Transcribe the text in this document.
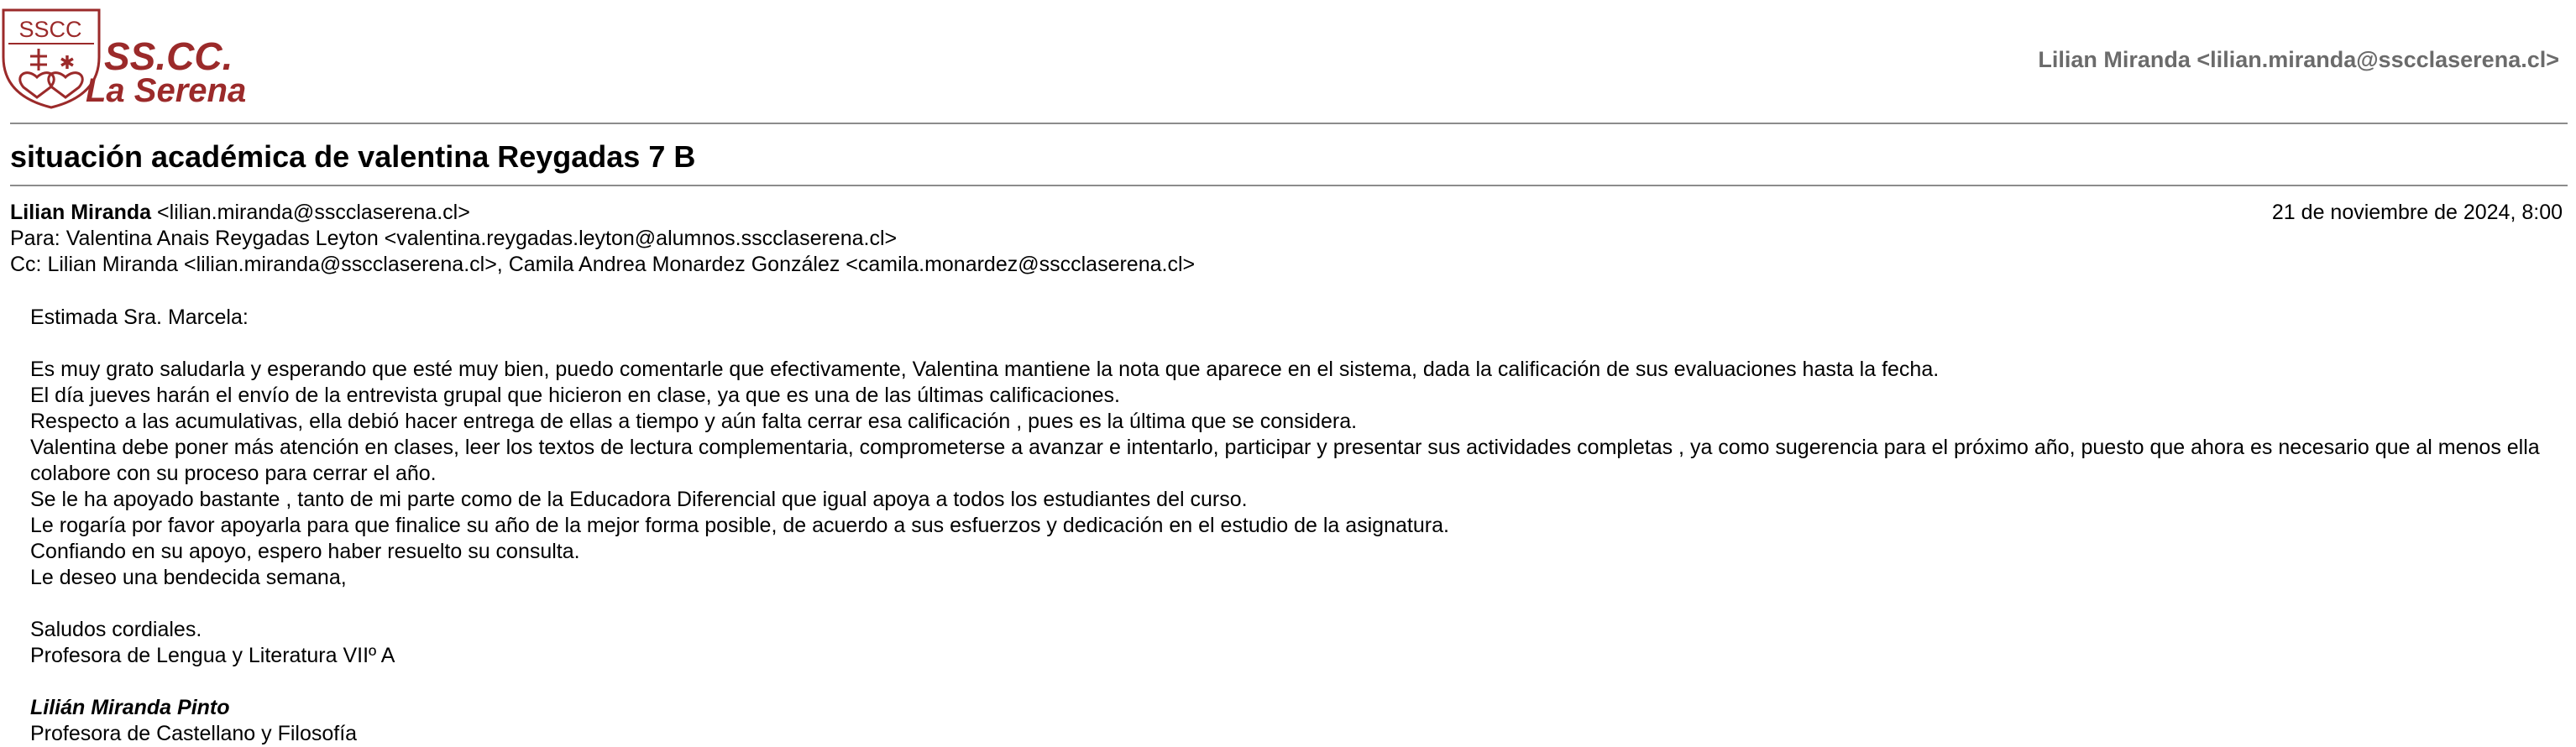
SSCC
✱ SS.CC.
La Serena
Lilian Miranda <lilian.miranda@sscclaserena.cl>
situación académica de valentina Reygadas 7 B
Lilian Miranda <lilian.miranda@sscclaserena.cl>	21 de noviembre de 2024, 8:00
Para: Valentina Anais Reygadas Leyton <valentina.reygadas.leyton@alumnos.sscclaserena.cl>
Cc: Lilian Miranda <lilian.miranda@sscclaserena.cl>, Camila Andrea Monardez González <camila.monardez@sscclaserena.cl>

Estimada Sra. Marcela:

Es muy grato saludarla y esperando que esté muy bien, puedo comentarle que efectivamente, Valentina mantiene la nota que aparece en el sistema, dada la calificación de sus evaluaciones hasta la fecha.

El día jueves harán el envío de la entrevista grupal que hicieron en clase, ya que es una de las últimas calificaciones.

Respecto a las acumulativas, ella debió hacer entrega de ellas a tiempo y aún falta cerrar esa calificación , pues es la última que se considera.

Valentina debe poner más atención en clases, leer los textos de lectura complementaria, comprometerse a avanzar e intentarlo, participar y presentar sus actividades completas , ya como sugerencia para el próximo año, puesto que ahora es necesario que al menos ella colabore con su proceso para cerrar el año.

Se le ha apoyado bastante , tanto de mi parte como de la Educadora Diferencial que igual apoya a todos los estudiantes del curso.

Le rogaría por favor apoyarla para que finalice su año de la mejor forma posible, de acuerdo a sus esfuerzos y dedicación en el estudio de la asignatura.

Confiando en su apoyo, espero haber resuelto su consulta.

Le deseo una bendecida semana,

Saludos cordiales.

Profesora de Lengua y Literatura VIIº A

Lilián Miranda Pinto

Profesora de Castellano y Filosofía
